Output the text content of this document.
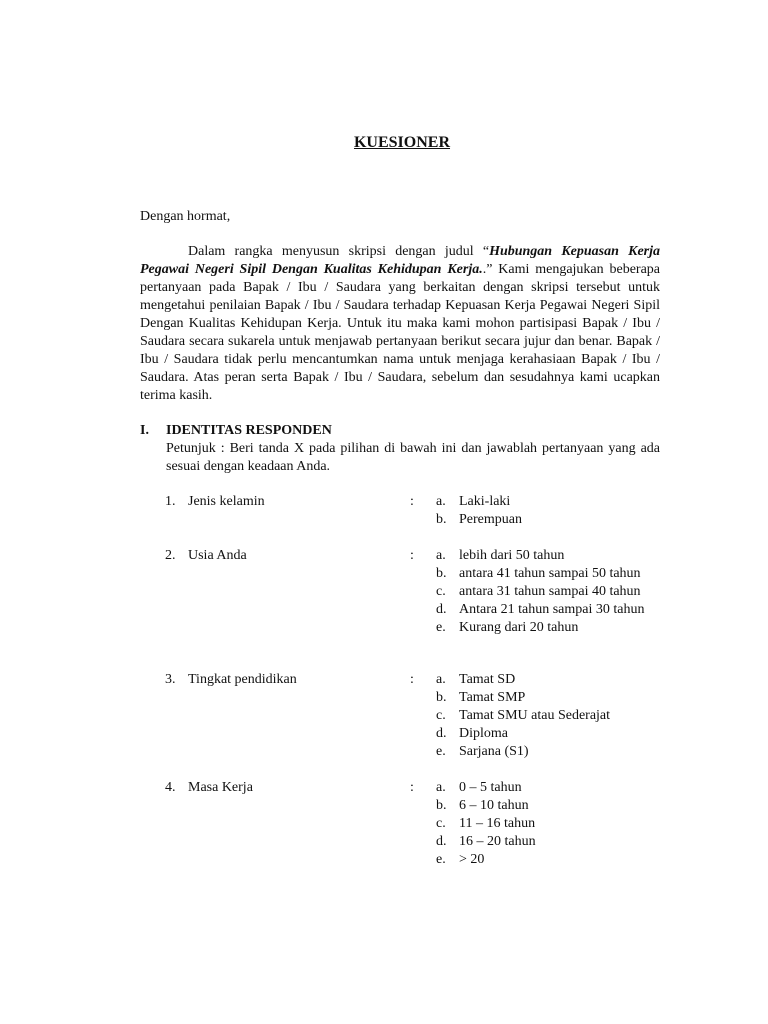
KUESIONER
Dengan hormat,

Dalam rangka menyusun skripsi dengan judul “Hubungan Kepuasan Kerja Pegawai Negeri Sipil Dengan Kualitas Kehidupan Kerja..” Kami mengajukan beberapa pertanyaan pada Bapak / Ibu / Saudara yang berkaitan dengan skripsi tersebut untuk mengetahui penilaian Bapak / Ibu / Saudara terhadap Kepuasan Kerja Pegawai Negeri Sipil Dengan Kualitas Kehidupan Kerja. Untuk itu maka kami mohon partisipasi Bapak / Ibu / Saudara secara sukarela untuk menjawab pertanyaan berikut secara jujur dan benar. Bapak / Ibu / Saudara tidak perlu mencantumkan nama untuk menjaga kerahasiaan Bapak / Ibu / Saudara. Atas peran serta Bapak / Ibu / Saudara, sebelum dan sesudahnya kami ucapkan terima kasih.

I. IDENTITAS RESPONDEN
Petunjuk : Beri tanda X pada pilihan di bawah ini dan jawablah pertanyaan yang ada sesuai dengan keadaan Anda.
1. Jenis kelamin	: a. Laki-laki
b. Perempuan
2. Usia Anda	: a. lebih dari 50 tahun
b. antara 41 tahun sampai 50 tahun
c. antara 31 tahun sampai 40 tahun
d. Antara 21 tahun sampai 30 tahun
e. Kurang dari 20 tahun
3. Tingkat pendidikan	: a. Tamat SD
b. Tamat SMP
c. Tamat SMU atau Sederajat
d. Diploma
e. Sarjana (S1)
4. Masa Kerja	: a. 0 – 5 tahun
b. 6 – 10 tahun
c. 11 – 16 tahun
d. 16 – 20 tahun
e. > 20
